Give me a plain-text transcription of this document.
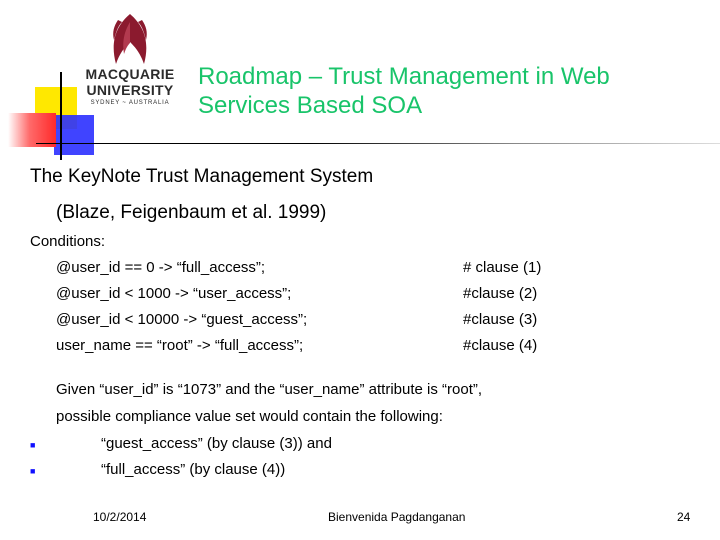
MACQUARIE
UNIVERSITY
SYDNEY ~ AUSTRALIA
Roadmap – Trust Management in Web
Services Based SOA
The KeyNote Trust Management System
(Blaze, Feigenbaum et al. 1999)
Conditions:
@user_id == 0 -> “full_access”;	# clause (1)
@user_id < 1000 -> “user_access”;	#clause (2)
@user_id < 10000 -> “guest_access”;	#clause (3)
user_name == “root” -> “full_access”;	#clause (4)
Given “user_id” is “1073” and the “user_name” attribute is “root”,
possible compliance value set would contain the following:
■	“guest_access” (by clause (3)) and
■	“full_access” (by clause (4))
10/2/2014	Bienvenida Pagdanganan	24
